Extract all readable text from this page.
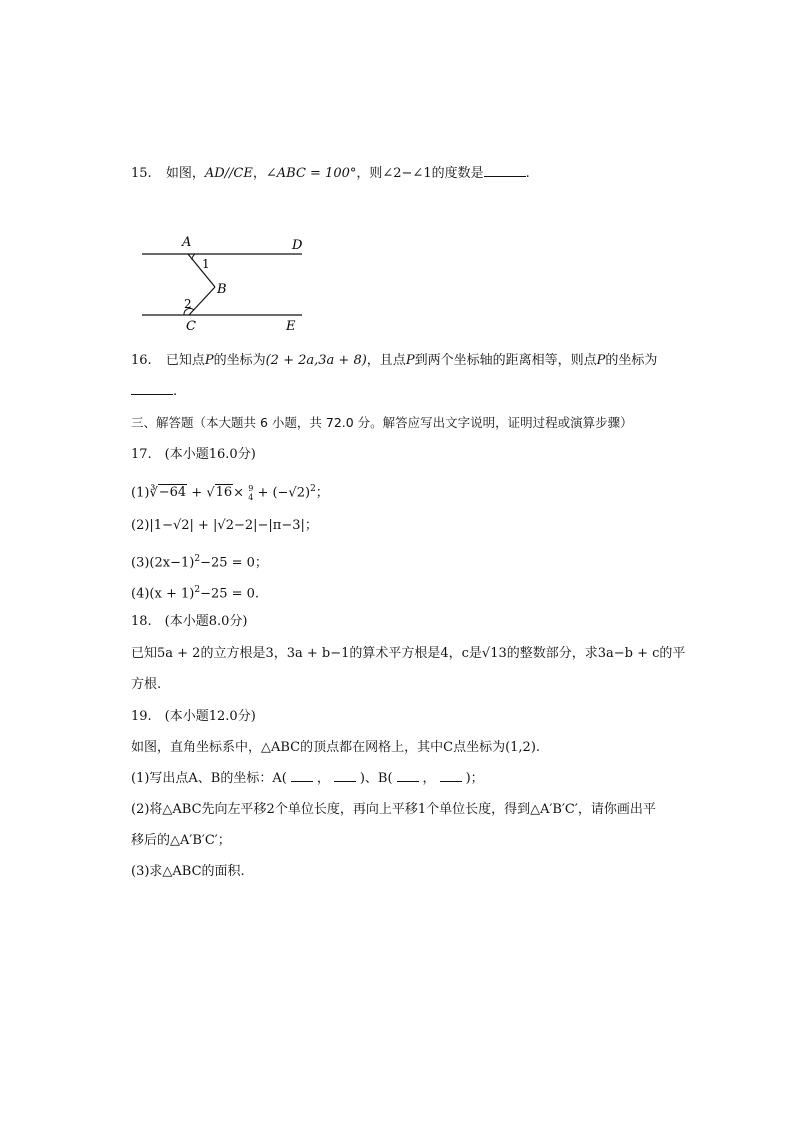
15. 如图，AD//CE，∠ABC = 100°，则∠2−∠1的度数是	.
A	D
1
B
2
C	E
16. 已知点P的坐标为(2 + 2a,3a + 8)，且点P到两个坐标轴的距离相等，则点P的坐标为
.
三、解答题（本大题共 6 小题，共 72.0 分。解答应写出文字说明，证明过程或演算步骤）
17.　(本小题16.0分)
(1)∛−64 + √16× 9
$4 + (-√2)^2$；
(2)|1−√2| + |√2−2|−|π−3|；
$(3)(2x-1)^2-25 = 0$；
$(4)(x + 1)^2-25 = 0$.
18.　(本小题8.0分)
已知5a + 2的立方根是3，3a + b−1的算术平方根是4，c是√13的整数部分，求3a−b + c的平
方根.
19.　(本小题12.0分)
如图，直角坐标系中，△ABC的顶点都在网格上，其中C点坐标为(1,2).
(1)写出点A、B的坐标：A( ， )、B( ， )；
(2)将△ABC先向左平移2个单位长度，再向上平移1个单位长度，得到△A′B′C′，请你画出平
移后的△A′B′C′；
(3)求△ABC的面积.
